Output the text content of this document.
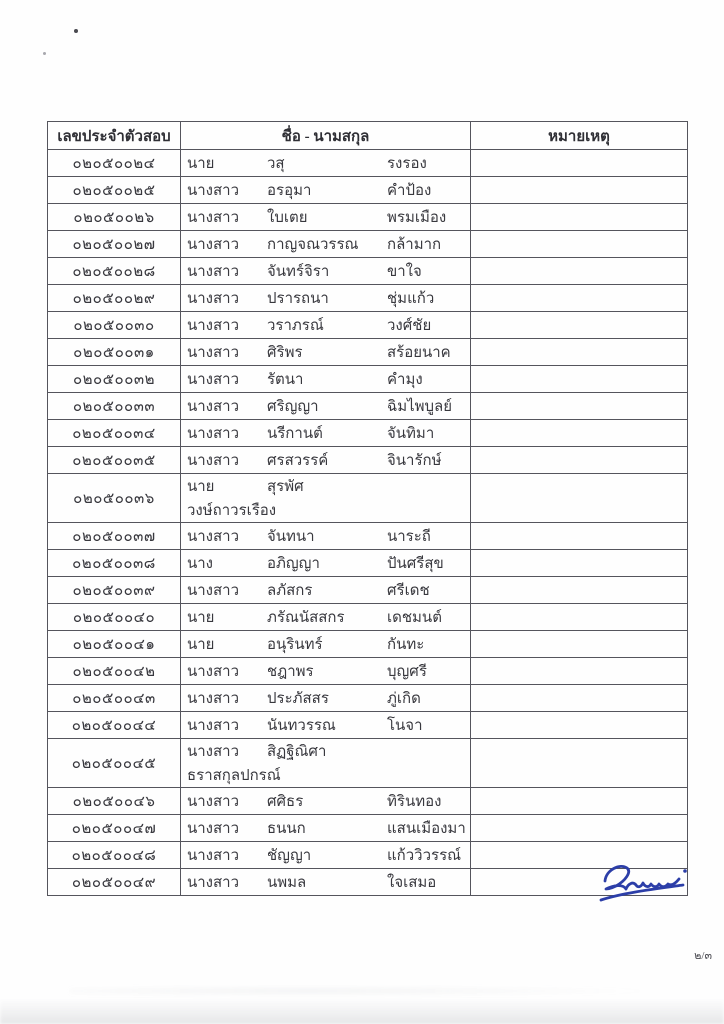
เลขประจำตัวสอบ	ชื่อ - นามสกุล	หมายเหตุ
๐๒๐๕๐๐๒๔	นาย วสุ รงรอง	
๐๒๐๕๐๐๒๕	นางสาว อรอุมา คำป้อง	
๐๒๐๕๐๐๒๖	นางสาว ใบเตย พรมเมือง	
๐๒๐๕๐๐๒๗	นางสาว กาญจณวรรณ กล้ามาก	
๐๒๐๕๐๐๒๘	นางสาว จันทร์จิรา ขาใจ	
๐๒๐๕๐๐๒๙	นางสาว ปรารถนา ชุ่มแก้ว	
๐๒๐๕๐๐๓๐	นางสาว วราภรณ์ วงศ์ชัย	
๐๒๐๕๐๐๓๑	นางสาว ศิริพร สร้อยนาค	
๐๒๐๕๐๐๓๒	นางสาว รัตนา คำมุง	
๐๒๐๕๐๐๓๓	นางสาว ศริญญา ฉิมไพบูลย์	
๐๒๐๕๐๐๓๔	นางสาว นรีกานต์ จันทิมา	
๐๒๐๕๐๐๓๕	นางสาว ศรสวรรค์ จินารักษ์	
๐๒๐๕๐๐๓๖	นาย สุรพัศวงษ์ถาวรเรือง	
๐๒๐๕๐๐๓๗	นางสาว จันทนา นาระถี	
๐๒๐๕๐๐๓๘	นาง อภิญญา ปันศรีสุข	
๐๒๐๕๐๐๓๙	นางสาว ลภัสกร ศรีเดช	
๐๒๐๕๐๐๔๐	นาย ภรัณนัสสกร เดชมนต์	
๐๒๐๕๐๐๔๑	นาย อนุรินทร์ กันทะ	
๐๒๐๕๐๐๔๒	นางสาว ชฎาพร บุญศรี	
๐๒๐๕๐๐๔๓	นางสาว ประภัสสร ภู่เกิด	
๐๒๐๕๐๐๔๔	นางสาว นันทวรรณ โนจา	
๐๒๐๕๐๐๔๕	นางสาว สิฏฐิณิศาธราสกุลปกรณ์	
๐๒๐๕๐๐๔๖	นางสาว ศศิธร ทิรินทอง	
๐๒๐๕๐๐๔๗	นางสาว ธนนก แสนเมืองมา	
๐๒๐๕๐๐๔๘	นางสาว ชัญญา แก้ววิวรรณ์	
๐๒๐๕๐๐๔๙	นางสาว นพมล ใจเสมอ	
๒/๓
